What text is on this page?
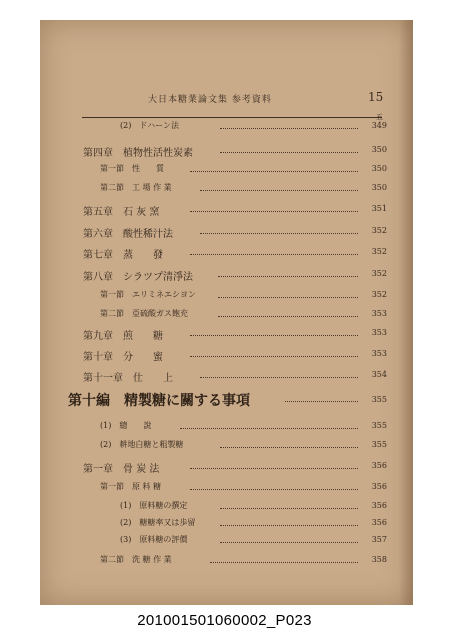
大日本糖業論文集 参考資料	15
(2)　ドハーン法	349
第四章　植物性活性炭素	350
第一節　性　　質	350
第二節　工 場 作 業	350
第五章　石 灰 窯	351
第六章　酸性稀汁法	352
第七章　蒸　　發	352
第八章　シラツプ清淨法	352
第一節　エリミネエシヨン	352
第二節　亞硫酸ガス飽充	353
第九章　煎　　糖	353
第十章　分　　蜜	353
第十一章　仕　　上	354
第十編　精製糖に關する事項	355
(1)　總　　說	355
(2)　耕地白糖と粗製糖	355
第一章　骨 炭 法	356
第一節　原 料 糖	356
(1)　原料糖の撰定	356
(2)　糖糖率又は歩留	356
(3)　原料糖の評價	357
第二節　洗 糖 作 業	358
五
201001501060002_P023
